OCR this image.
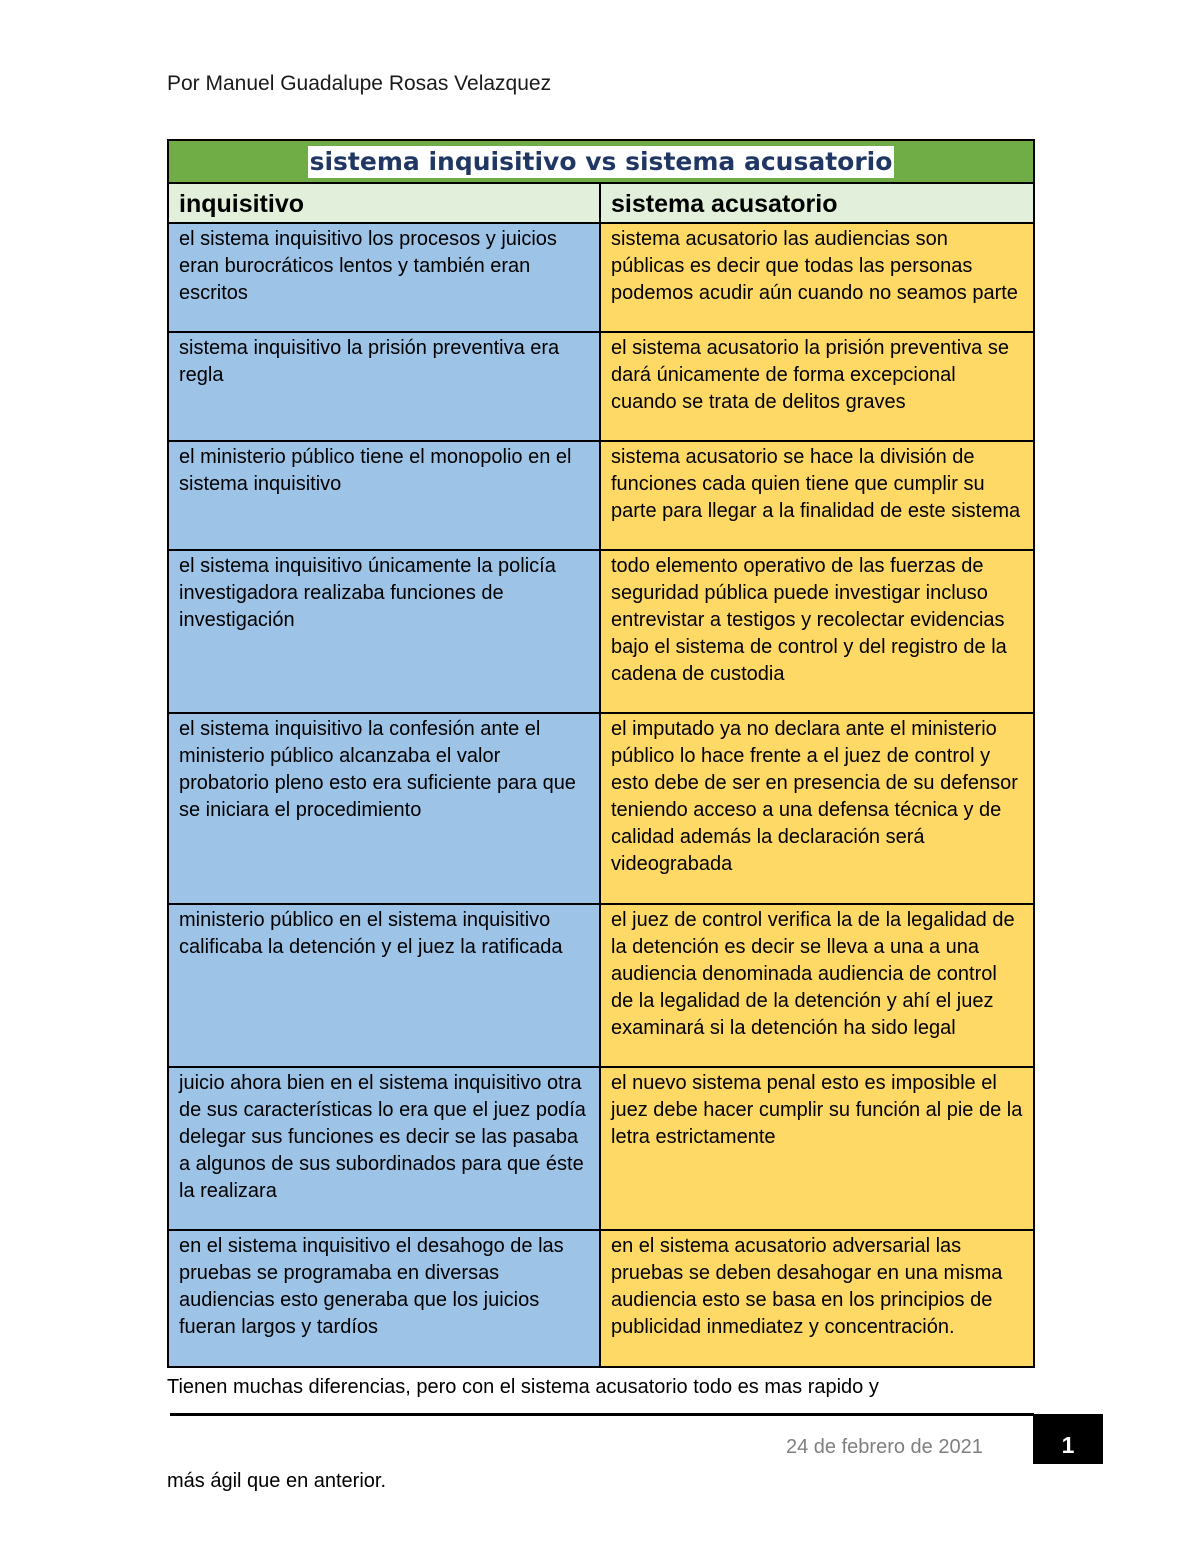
Por Manuel Guadalupe Rosas Velazquez
sistema inquisitivo vs sistema acusatorio	
inquisitivo	sistema acusatorio
el sistema inquisitivo los procesos y juicios eran burocráticos lentos y también eran escritos	sistema acusatorio las audiencias son públicas es decir que todas las personas podemos acudir aún cuando no seamos parte
sistema inquisitivo la prisión preventiva era regla	el sistema acusatorio la prisión preventiva se dará únicamente de forma excepcional cuando se trata de delitos graves
el ministerio público tiene el monopolio en el sistema inquisitivo	sistema acusatorio se hace la división de funciones cada quien tiene que cumplir su parte para llegar a la finalidad de este sistema
el sistema inquisitivo únicamente la policía investigadora realizaba funciones de investigación	todo elemento operativo de las fuerzas de seguridad pública puede investigar incluso entrevistar a testigos y recolectar evidencias bajo el sistema de control y del registro de la cadena de custodia
el sistema inquisitivo la confesión ante el ministerio público alcanzaba el valor probatorio pleno esto era suficiente para que se iniciara el procedimiento	el imputado ya no declara ante el ministerio público lo hace frente a el juez de control y esto debe de ser en presencia de su defensor teniendo acceso a una defensa técnica y de calidad además la declaración será videograbada
ministerio público en el sistema inquisitivo calificaba la detención y el juez la ratificada	el juez de control verifica la de la legalidad de la detención es decir se lleva a una a una audiencia denominada audiencia de control de la legalidad de la detención y ahí el juez examinará si la detención ha sido legal
juicio ahora bien en el sistema inquisitivo otra de sus características lo era que el juez podía delegar sus funciones es decir se las pasaba a algunos de sus subordinados para que éste la realizara	el nuevo sistema penal esto es imposible el juez debe hacer cumplir su función al pie de la letra estrictamente
en el sistema inquisitivo el desahogo de las pruebas se programaba en diversas audiencias esto generaba que los juicios fueran largos y tardíos	en el sistema acusatorio adversarial las pruebas se deben desahogar en una misma audiencia esto se basa en los principios de publicidad inmediatez y concentración.
Tienen muchas diferencias, pero con el sistema acusatorio todo es mas rapido y
24 de febrero de 2021	1
más ágil que en anterior.
